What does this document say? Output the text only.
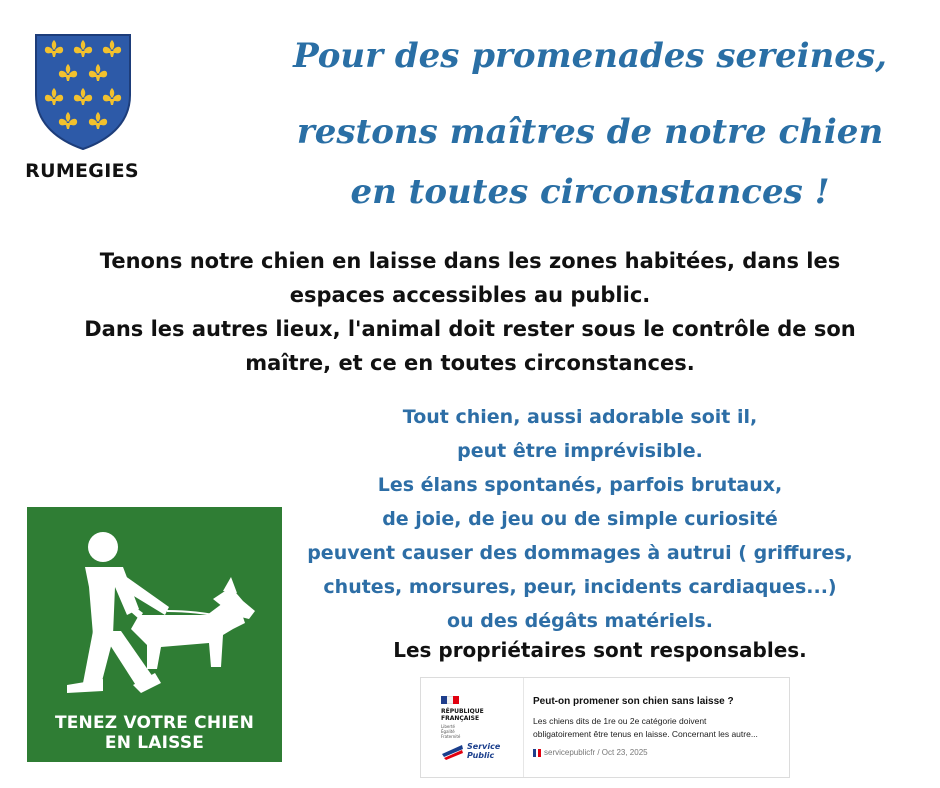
RUMEGIES
Pour des promenades sereines,
restons maîtres de notre chien
en toutes circonstances !
Tenons notre chien en laisse dans les zones habitées, dans les
espaces accessibles au public.
Dans les autres lieux, l'animal doit rester sous le contrôle de son
maître, et ce en toutes circonstances.
Tout chien, aussi adorable soit il,
peut être imprévisible.
Les élans spontanés, parfois brutaux,
de joie, de jeu ou de simple curiosité
peuvent causer des dommages à autrui ( griffures,
chutes, morsures, peur, incidents cardiaques...)
ou des dégâts matériels.
Les propriétaires sont responsables.
TENEZ VOTRE CHIEN
EN LAISSE
RÉPUBLIQUE
FRANÇAISE
Liberté
Égalité
Fraternité
Service
Public
Peut-on promener son chien sans laisse ?
Les chiens dits de 1re ou 2e catégorie doivent
obligatoirement être tenus en laisse. Concernant les autre...
servicepublicfr / Oct 23, 2025
